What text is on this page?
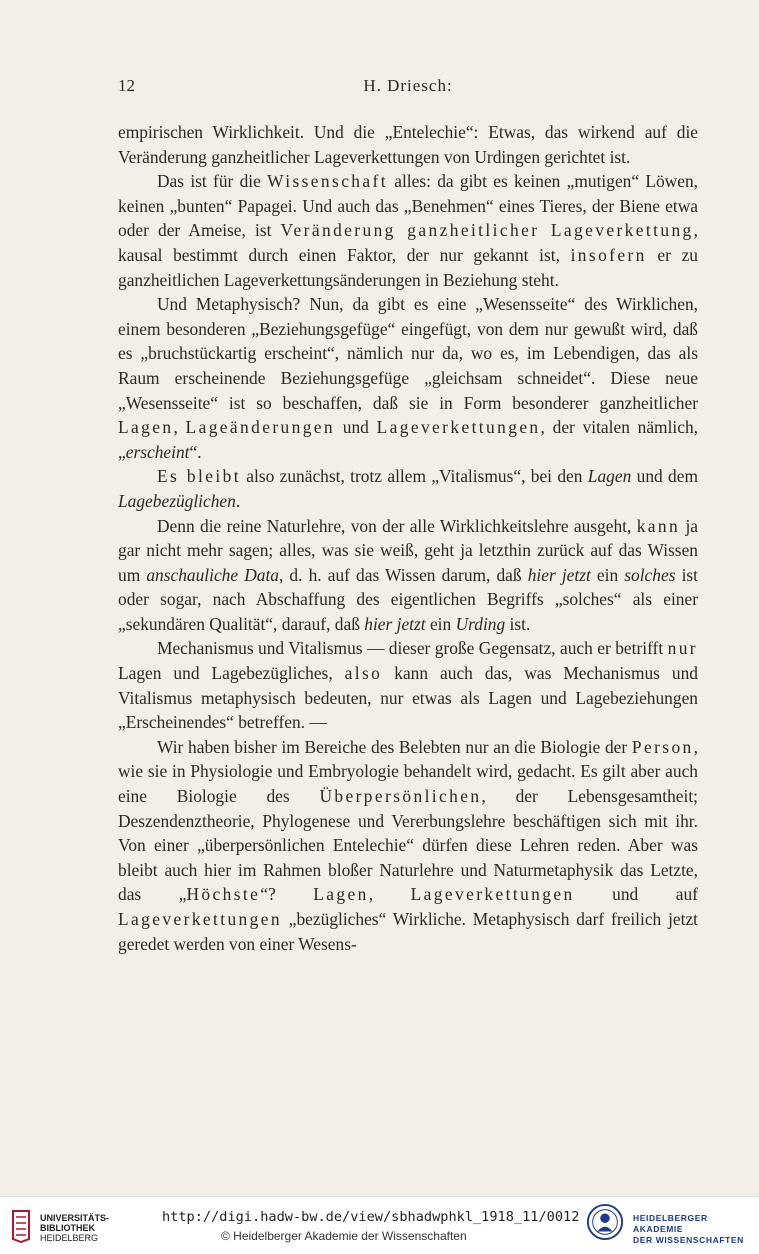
12	H. Driesch:

empirischen Wirklichkeit. Und die „Entelechie“: Etwas, das wirkend auf die Veränderung ganzheitlicher Lageverkettungen von Urdingen gerichtet ist.

Das ist für die Wissenschaft alles: da gibt es keinen „mutigen“ Löwen, keinen „bunten“ Papagei. Und auch das „Benehmen“ eines Tieres, der Biene etwa oder der Ameise, ist Veränderung ganzheitlicher Lageverkettung, kausal bestimmt durch einen Faktor, der nur gekannt ist, insofern er zu ganzheitlichen Lageverkettungsänderungen in Beziehung steht.

Und Metaphysisch? Nun, da gibt es eine „Wesensseite“ des Wirklichen, einem besonderen „Beziehungsgefüge“ eingefügt, von dem nur gewußt wird, daß es „bruchstückartig erscheint“, nämlich nur da, wo es, im Lebendigen, das als Raum erscheinende Beziehungsgefüge „gleichsam schneidet“. Diese neue „Wesensseite“ ist so beschaffen, daß sie in Form besonderer ganzheitlicher Lagen, Lageänderungen und Lageverkettungen, der vitalen nämlich, „erscheint“.

Es bleibt also zunächst, trotz allem „Vitalismus“, bei den Lagen und dem Lagebezüglichen.

Denn die reine Naturlehre, von der alle Wirklichkeitslehre ausgeht, kann ja gar nicht mehr sagen; alles, was sie weiß, geht ja letzthin zurück auf das Wissen um anschauliche Data, d. h. auf das Wissen darum, daß hier jetzt ein solches ist oder sogar, nach Abschaffung des eigentlichen Begriffs „solches“ als einer „sekundären Qualität“, darauf, daß hier jetzt ein Urding ist.

Mechanismus und Vitalismus — dieser große Gegensatz, auch er betrifft nur Lagen und Lagebezügliches, also kann auch das, was Mechanismus und Vitalismus metaphysisch bedeuten, nur etwas als Lagen und Lagebeziehungen „Erscheinendes“ betreffen. —

Wir haben bisher im Bereiche des Belebten nur an die Biologie der Person, wie sie in Physiologie und Embryologie behandelt wird, gedacht. Es gilt aber auch eine Biologie des Überpersönlichen, der Lebensgesamtheit; Deszendenztheorie, Phylogenese und Vererbungslehre beschäftigen sich mit ihr. Von einer „überpersönlichen Entelechie“ dürfen diese Lehren reden. Aber was bleibt auch hier im Rahmen bloßer Naturlehre und Naturmetaphysik das Letzte, das „Höchste“? Lagen, Lageverkettungen und auf Lageverkettungen „bezügliches“ Wirkliche. Metaphysisch darf freilich jetzt geredet werden von einer Wesens-

UNIVERSITÄTS-
BIBLIOTHEK
HEIDELBERG
http://digi.hadw-bw.de/view/sbhadwphkl_1918_11/0012
© Heidelberger Akademie der Wissenschaften
HEIDELBERGER AKADEMIE
DER WISSENSCHAFTEN
